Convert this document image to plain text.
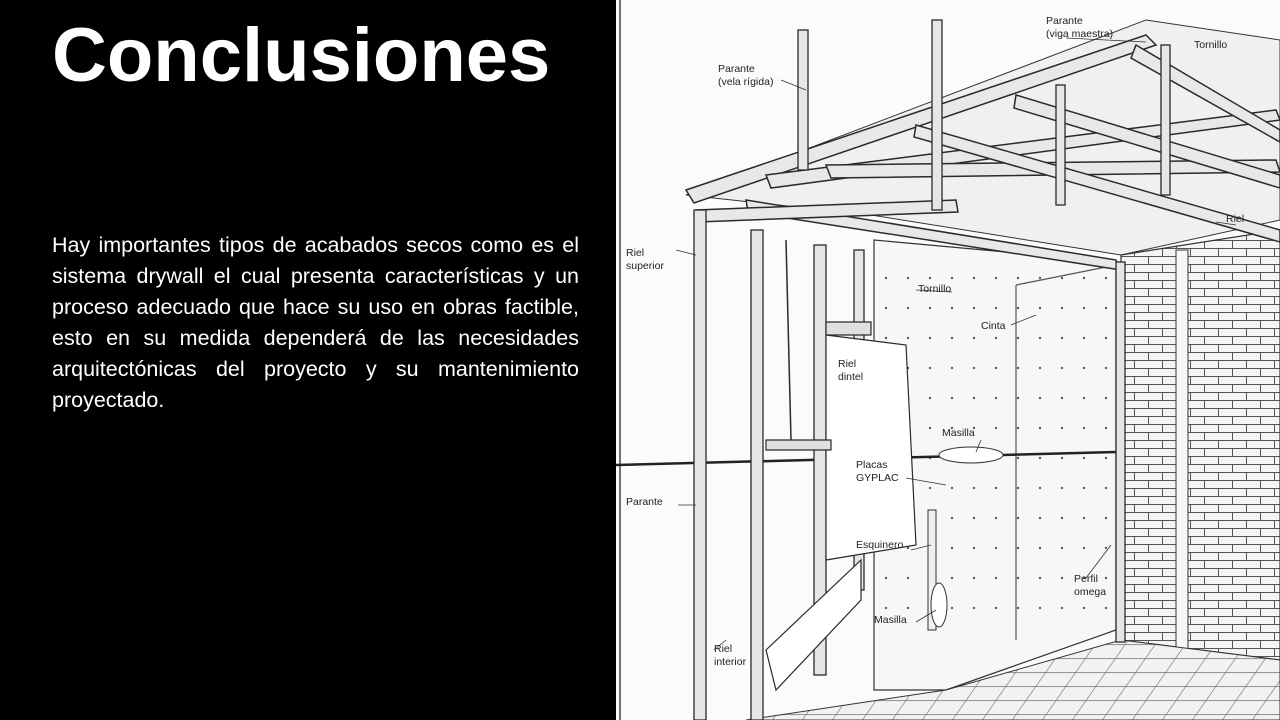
Conclusiones

Hay importantes tipos de acabados secos como es el sistema drywall el cual presenta características y un proceso adecuado que hace su uso en obras factible, esto en su medida dependerá de las necesidades arquitectónicas del proyecto y su mantenimiento proyectado.

Parante
(viga maestra)
Tornillo
Parante
(vela rígida)
Riel
Riel
superior
Tornillo
Cinta
Riel
dintel
Masilla
Placas
GYPLAC
Parante
Esquinero
Perfil
omega
Masilla
Riel
interior
